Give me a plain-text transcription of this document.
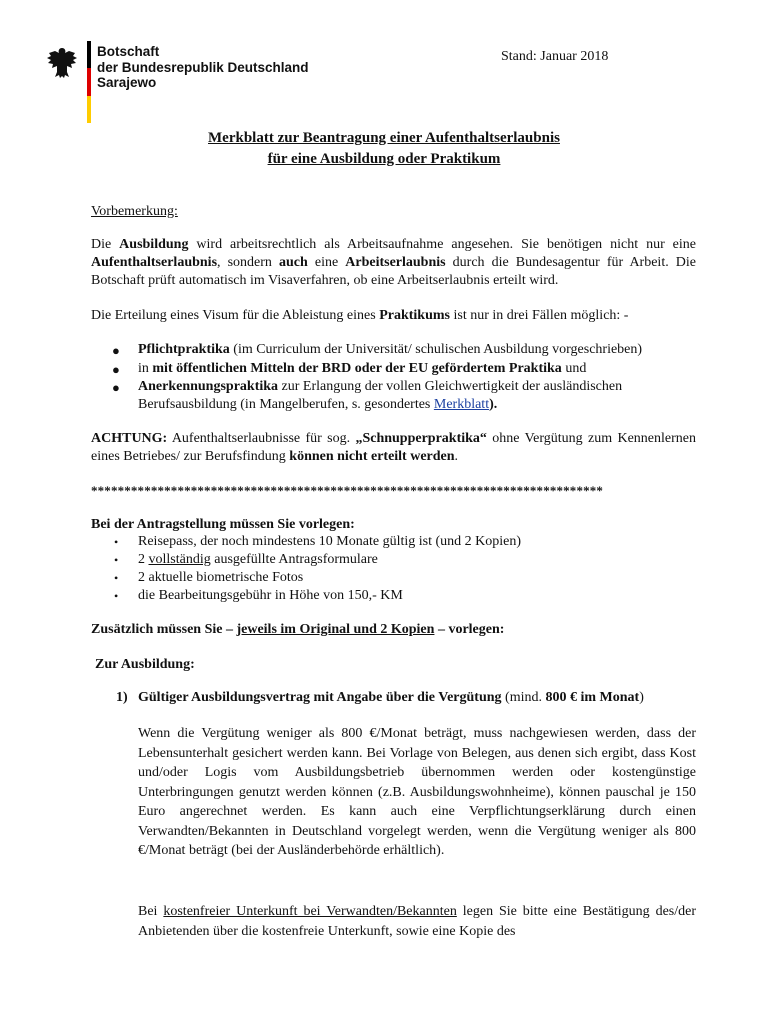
Botschaft
der Bundesrepublik Deutschland
Sarajewo
Stand: Januar 2018
Merkblatt zur Beantragung einer Aufenthaltserlaubnis
für eine Ausbildung oder Praktikum
Vorbemerkung:

Die Ausbildung wird arbeitsrechtlich als Arbeitsaufnahme angesehen. Sie benötigen nicht nur eine Aufenthaltserlaubnis, sondern auch eine Arbeitserlaubnis durch die Bundesagentur für Arbeit. Die Botschaft prüft automatisch im Visaverfahren, ob eine Arbeitserlaubnis erteilt wird.

Die Erteilung eines Visum für die Ableistung eines Praktikums ist nur in drei Fällen möglich: -

● Pflichtpraktika (im Curriculum der Universität/ schulischen Ausbildung vorgeschrieben)

● in mit öffentlichen Mitteln der BRD oder der EU gefördertem Praktika und

● Anerkennungspraktika zur Erlangung der vollen Gleichwertigkeit der ausländischen Berufsausbildung (in Mangelberufen, s. gesondertes Merkblatt).

ACHTUNG: Aufenthaltserlaubnisse für sog. „Schnupperpraktika“ ohne Vergütung zum Kennenlernen eines Betriebes/ zur Berufsfindung können nicht erteilt werden.

*****************************************************************************
Bei der Antragstellung müssen Sie vorlegen:
• Reisepass, der noch mindestens 10 Monate gültig ist (und 2 Kopien)
• 2 vollständig ausgefüllte Antragsformulare
• 2 aktuelle biometrische Fotos
• die Bearbeitungsgebühr in Höhe von 150,- KM
Zusätzlich müssen Sie – jeweils im Original und 2 Kopien – vorlegen:
Zur Ausbildung:
1) Gültiger Ausbildungsvertrag mit Angabe über die Vergütung (mind. 800 € im Monat)

Wenn die Vergütung weniger als 800 €/Monat beträgt, muss nachgewiesen werden, dass der Lebensunterhalt gesichert werden kann. Bei Vorlage von Belegen, aus denen sich ergibt, dass Kost und/oder Logis vom Ausbildungsbetrieb übernommen werden oder kostengünstige Unterbringungen genutzt werden können (z.B. Ausbildungswohnheime), können pauschal je 150 Euro angerechnet werden. Es kann auch eine Verpflichtungserklärung durch einen Verwandten/Bekannten in Deutschland vorgelegt werden, wenn die Vergütung weniger als 800 €/Monat beträgt (bei der Ausländerbehörde erhältlich).

Bei kostenfreier Unterkunft bei Verwandten/Bekannten legen Sie bitte eine Bestätigung des/der Anbietenden über die kostenfreie Unterkunft, sowie eine Kopie des
